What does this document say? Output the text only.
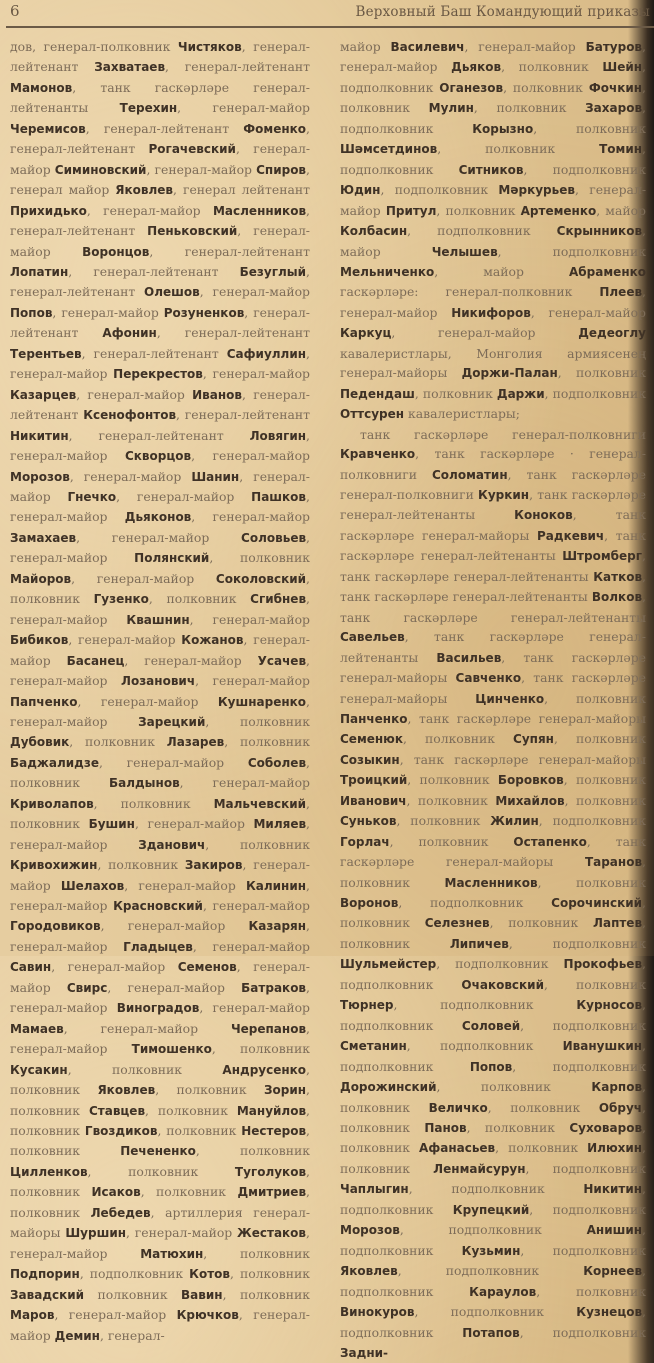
6	Верховный Баш Командующий приказы

дов, генерал-полковник Чистяков, генерал-лейтенант Захватаев, генерал-лейтенант Мамонов, танк гаскәрләре генерал-лейтенанты Терехин, генерал-майор Черемисов, генерал-лейтенант Фоменко, генерал-лейтенант Рогачевский, генерал-майор Симиновский, генерал-майор Спиров, генерал майор Яковлев, генерал лейтенант Прихидько, генерал-майор Масленников, генерал-лейтенант Пеньковский, генерал-майор Воронцов, генерал-лейтенант Лопатин, генерал-лейтенант Безуглый, генерал-лейтенант Олешов, генерал-майор Попов, генерал-майор Розуненков, генерал-лейтенант Афонин, генерал-лейтенант Терентьев, генерал-лейтенант Сафиуллин, генерал-майор Перекрестов, генерал-майор Казарцев, генерал-майор Иванов, генерал-лейтенант Ксенофонтов, генерал-лейтенант Никитин, генерал-лейтенант Ловягин, генерал-майор Скворцов, генерал-майор Морозов, генерал-майор Шанин, генерал-майор Гнечко, генерал-майор Пашков, генерал-майор Дьяконов, генерал-майор Замахаев, генерал-майор Соловьев, генерал-майор Полянский, полковник Майоров, генерал-майор Соколовский, полковник Гузенко, полковник Сгибнев, генерал-майор Квашнин, генерал-майор Бибиков, генерал-майор Кожанов, генерал-майор Басанец, генерал-майор Усачев, генерал-майор Лозанович, генерал-майор Папченко, генерал-майор Кушнаренко, генерал-майор Зарецкий, полковник Дубовик, полковник Лазарев, полковник Баджалидзе, генерал-майор Соболев, полковник Балдынов, генерал-майор Криволапов, полковник Мальчевский, полковник Бушин, генерал-майор Миляев, генерал-майор Зданович, полковник Кривохижин, полковник Закиров, генерал-майор Шелахов, генерал-майор Калинин, генерал-майор Красновский, генерал-майор Городовиков, генерал-майор Казарян, генерал-майор Гладыцев, генерал-майор Савин, генерал-майор Семенов, генерал-майор Свирс, генерал-майор Батраков, генерал-майор Виноградов, генерал-майор Мамаев, генерал-майор Черепанов, генерал-майор Тимошенко, полковник Кусакин, полковник Андрусенко, полковник Яковлев, полковник Зорин, полковник Ставцев, полковник Мануйлов, полковник Гвоздиков, полковник Нестеров, полковник Печененко, полковник Цилленков, полковник Туголуков, полковник Исаков, полковник Дмитриев, полковник Лебедев, артиллерия генерал-майоры Шуршин, генерал-майор Жестаков, генерал-майор Матюхин, полковник Подпорин, подполковник Котов, полковник Завадский полковник Вавин, полковник Маров, генерал-майор Крючков, генерал-майор Демин, генерал-

майор Василевич, генерал-майор Батуров, генерал-майор Дьяков, полковник Шейн, подполковник Оганезов, полковник Фочкин, полковник Мулин, полковник Захаров, подполковник Корызно, полковник Шәмсетдинов, полковник Томин, подполковник Ситников, подполковник Юдин, подполковник Мәркурьев, генерал-майор Притул, полковник Артеменко, майор Колбасин, подполковник Скрынников, майор Челышев, подполковник Мельниченко, майор Абраменко гаскәрләре: генерал-полковник Плеев, генерал-майор Никифоров, генерал-майор Каркуц, генерал-майор Дедеоглу кавалеристлары, Монголия армиясенең генерал-майоры Доржи-Палан, полковник Педендаш, полковник Даржи, подполковник Оттсурен кавалеристлары;

танк гаскәрләре генерал-полковниги Кравченко, танк гаскәрләре · генерал-полковниги Соломатин, танк гаскәрләре генерал-полковниги Куркин, танк гаскәрләре генерал-лейтенанты Коноков, танк гаскәрләре генерал-майоры Радкевич, танк гаскәрләре генерал-лейтенанты Штромберг, танк гаскәрләре генерал-лейтенанты Катков, танк гаскәрләре генерал-лейтенанты Волков, танк гаскәрләре генерал-лейтенанты Савельев, танк гаскәрләре генерал-лейтенанты Васильев, танк гаскәрләре генерал-майоры Савченко, танк гаскәрләре генерал-майоры Цинченко, полковник Панченко, танк гаскәрләре генерал-майоры Семенюк, полковник Супян, полковник Созыкин, танк гаскәрләре генерал-майоры Троицкий, полковник Боровков, полковник Иванович, полковник Михайлов, полковник Суньков, полковник Жилин, подполковник Горлач, полковник Остапенко, танк гаскәрләре генерал-майоры Таранов, полковник Масленников, полковник Воронов, подполковник Сорочинский, полковник Селезнев, полковник Лаптев, полковник Липичев, подполковник Шульмейстер, подполковник Прокофьев, подполковник Очаковский, полковник Тюрнер, подполковник Курносов, подполковник Соловей, подполковник Сметанин, подполковник Иванушкин, подполковник Попов, подполковник Дорожинский, полковник Карпов, полковник Величко, полковник Обруч, полковник Панов, полковник Суховаров, полковник Афанасьев, полковник Илюхин, полковник Ленмайсурун, подполковник Чаплыгин, подполковник Никитин, подполковник Крупецкий, подполковник Морозов, подполковник Анишин, подполковник Кузьмин, подполковник Яковлев, подполковник Корнеев, подполковник Караулов, полковник Винокуров, подполковник Кузнецов, подполковник Потапов, подполковник Задни-
